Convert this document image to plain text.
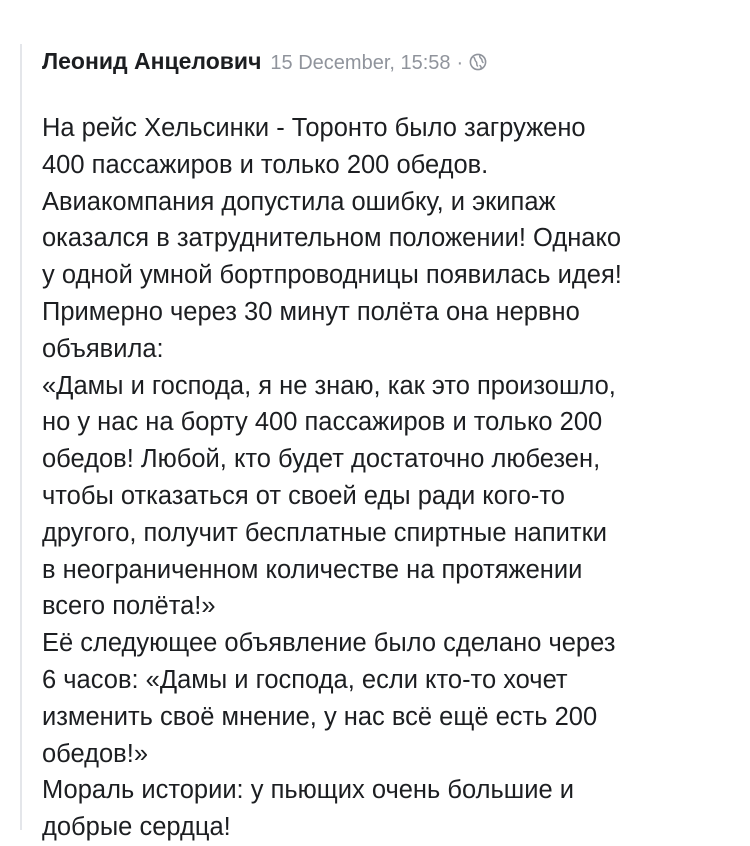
Леонид Анцелович 15 December, 15:58 ·

На рейс Хельсинки - Торонто было загружено

400 пассажиров и только 200 обедов.

Авиакомпания допустила ошибку, и экипаж

оказался в затруднительном положении! Однако

у одной умной бортпроводницы появилась идея!

Примерно через 30 минут полёта она нервно

объявила:

«Дамы и господа, я не знаю, как это произошло,

но у нас на борту 400 пассажиров и только 200

обедов! Любой, кто будет достаточно любезен,

чтобы отказаться от своей еды ради кого-то

другого, получит бесплатные спиртные напитки

в неограниченном количестве на протяжении

всего полёта!»

Её следующее объявление было сделано через

6 часов: «Дамы и господа, если кто-то хочет

изменить своё мнение, у нас всё ещё есть 200

обедов!»

Мораль истории: у пьющих очень большие и

добрые сердца!
